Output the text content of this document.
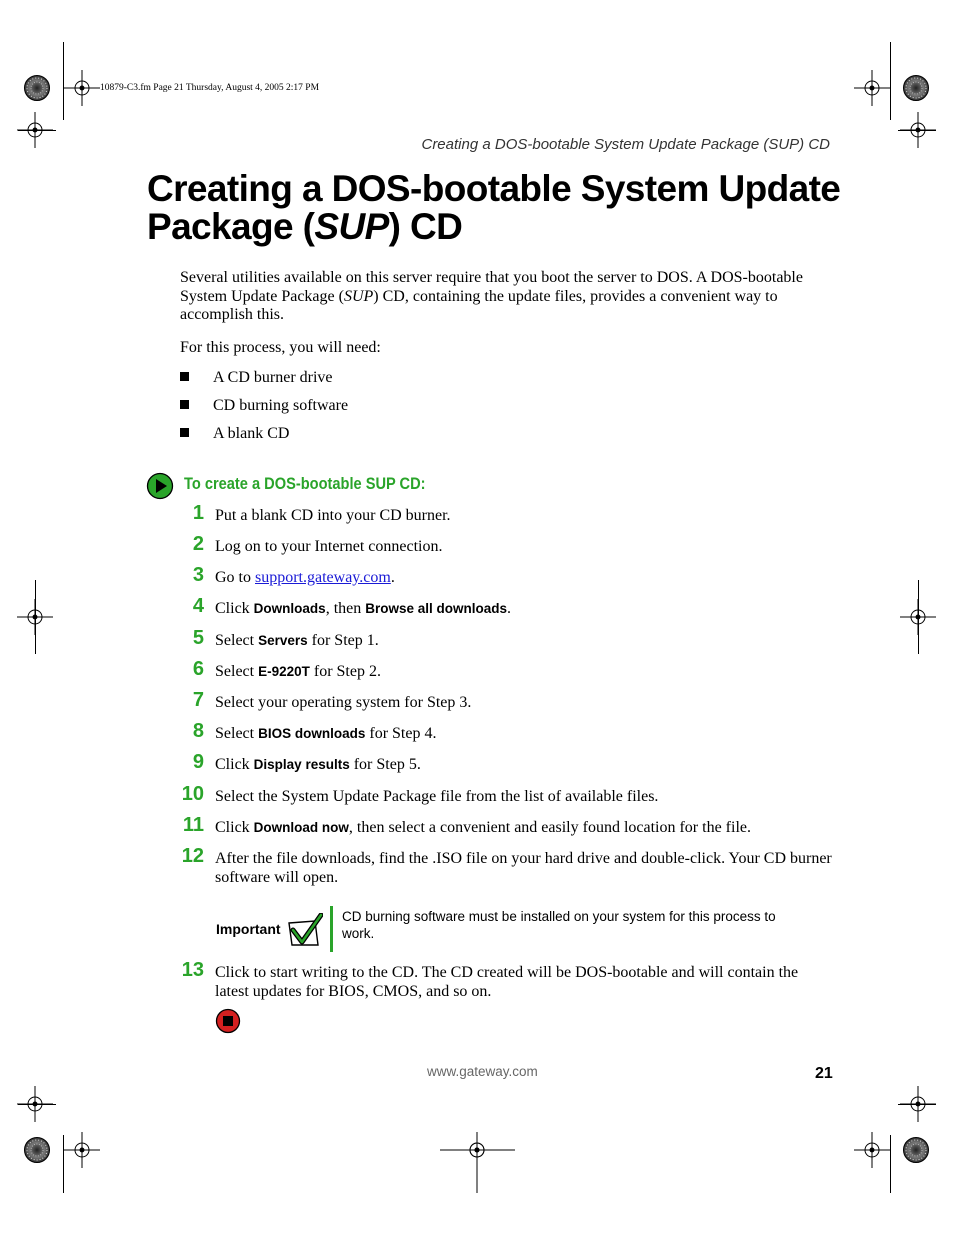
10879-C3.fm Page 21 Thursday, August 4, 2005 2:17 PM
Creating a DOS-bootable System Update Package (SUP) CD
Creating a DOS-bootable System Update
Package (SUP) CD
Several utilities available on this server require that you boot the server to DOS. A DOS-bootable System Update Package (SUP) CD, containing the update files, provides a convenient way to accomplish this.
For this process, you will need:
A CD burner drive
CD burning software
A blank CD
To create a DOS-bootable SUP CD:
1 Put a blank CD into your CD burner.
2 Log on to your Internet connection.
3 Go to support.gateway.com.
4 Click Downloads, then Browse all downloads.
5 Select Servers for Step 1.
6 Select E-9220T for Step 2.
7 Select your operating system for Step 3.
8 Select BIOS downloads for Step 4.
9 Click Display results for Step 5.
10 Select the System Update Package file from the list of available files.
11 Click Download now, then select a convenient and easily found location for the file.
12 After the file downloads, find the .ISO file on your hard drive and double-click. Your CD burner software will open.
Important
CD burning software must be installed on your system for this process to work.
13 Click to start writing to the CD. The CD created will be DOS-bootable and will contain the latest updates for BIOS, CMOS, and so on.
www.gateway.com	21
